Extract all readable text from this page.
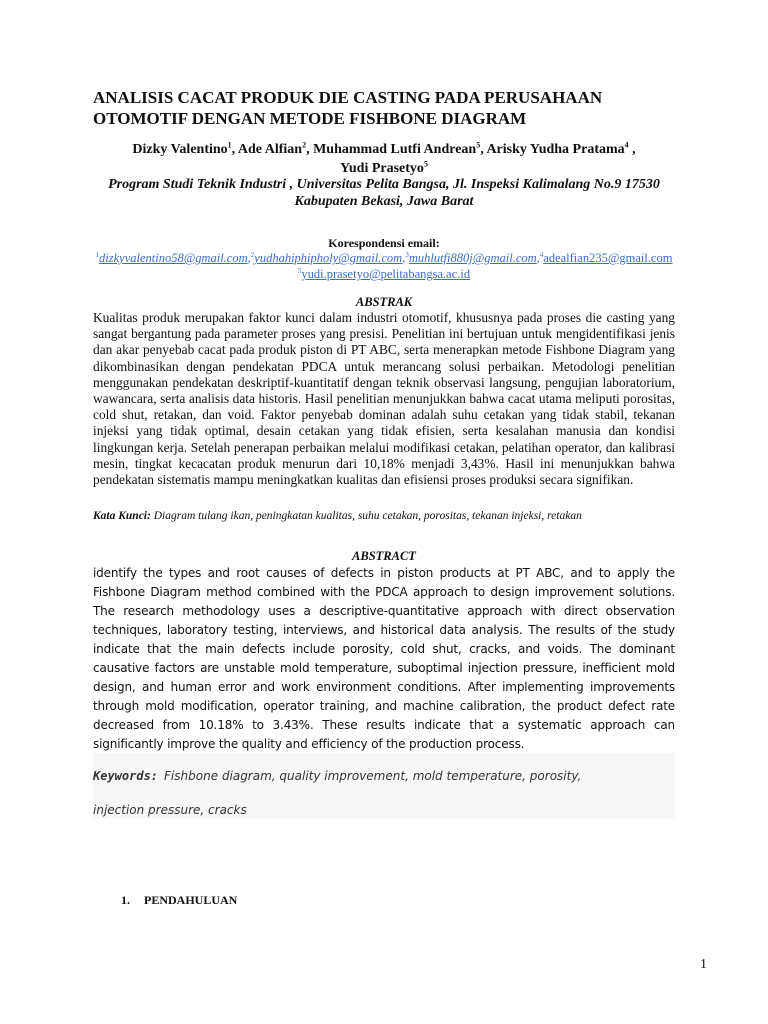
ANALISIS CACAT PRODUK DIE CASTING PADA PERUSAHAAN OTOMOTIF DENGAN METODE FISHBONE DIAGRAM
Dizky Valentino$^1$, Ade Alfian$^2$, Muhammad Lutfi Andrean$^5$, Arisky Yudha Pratama$^4$ ,
Yudi Prasetyo$^5$
Program Studi Teknik Industri , Universitas Pelita Bangsa, Jl. Inspeksi Kalimalang No.9 17530 Kabupaten Bekasi, Jawa Barat
Korespondensi email:
$^1$dizkyvalentino58@gmail.com,$^2$yudhahiphipholy@gmail.com,$^3$muhlutfi880j@gmail.com,$^4$adealfian235@gmail.com $^5$yudi.prasetyo@pelitabangsa.ac.id
ABSTRAK

Kualitas produk merupakan faktor kunci dalam industri otomotif, khususnya pada proses die casting yang sangat bergantung pada parameter proses yang presisi. Penelitian ini bertujuan untuk mengidentifikasi jenis dan akar penyebab cacat pada produk piston di PT ABC, serta menerapkan metode Fishbone Diagram yang dikombinasikan dengan pendekatan PDCA untuk merancang solusi perbaikan. Metodologi penelitian menggunakan pendekatan deskriptif-kuantitatif dengan teknik observasi langsung, pengujian laboratorium, wawancara, serta analisis data historis. Hasil penelitian menunjukkan bahwa cacat utama meliputi porositas, cold shut, retakan, dan void. Faktor penyebab dominan adalah suhu cetakan yang tidak stabil, tekanan injeksi yang tidak optimal, desain cetakan yang tidak efisien, serta kesalahan manusia dan kondisi lingkungan kerja. Setelah penerapan perbaikan melalui modifikasi cetakan, pelatihan operator, dan kalibrasi mesin, tingkat kecacatan produk menurun dari 10,18% menjadi 3,43%. Hasil ini menunjukkan bahwa pendekatan sistematis mampu meningkatkan kualitas dan efisiensi proses produksi secara signifikan.

Kata Kunci: Diagram tulang ikan, peningkatan kualitas, suhu cetakan, porositas, tekanan injeksi, retakan
ABSTRACT

identify the types and root causes of defects in piston products at PT ABC, and to apply the Fishbone Diagram method combined with the PDCA approach to design improvement solutions. The research methodology uses a descriptive-quantitative approach with direct observation techniques, laboratory testing, interviews, and historical data analysis. The results of the study indicate that the main defects include porosity, cold shut, cracks, and voids. The dominant causative factors are unstable mold temperature, suboptimal injection pressure, inefficient mold design, and human error and work environment conditions. After implementing improvements through mold modification, operator training, and machine calibration, the product defect rate decreased from 10.18% to 3.43%. These results indicate that a systematic approach can significantly improve the quality and efficiency of the production process.

Keywords: Fishbone diagram, quality improvement, mold temperature, porosity,
injection pressure, cracks
1. PENDAHULUAN
1
